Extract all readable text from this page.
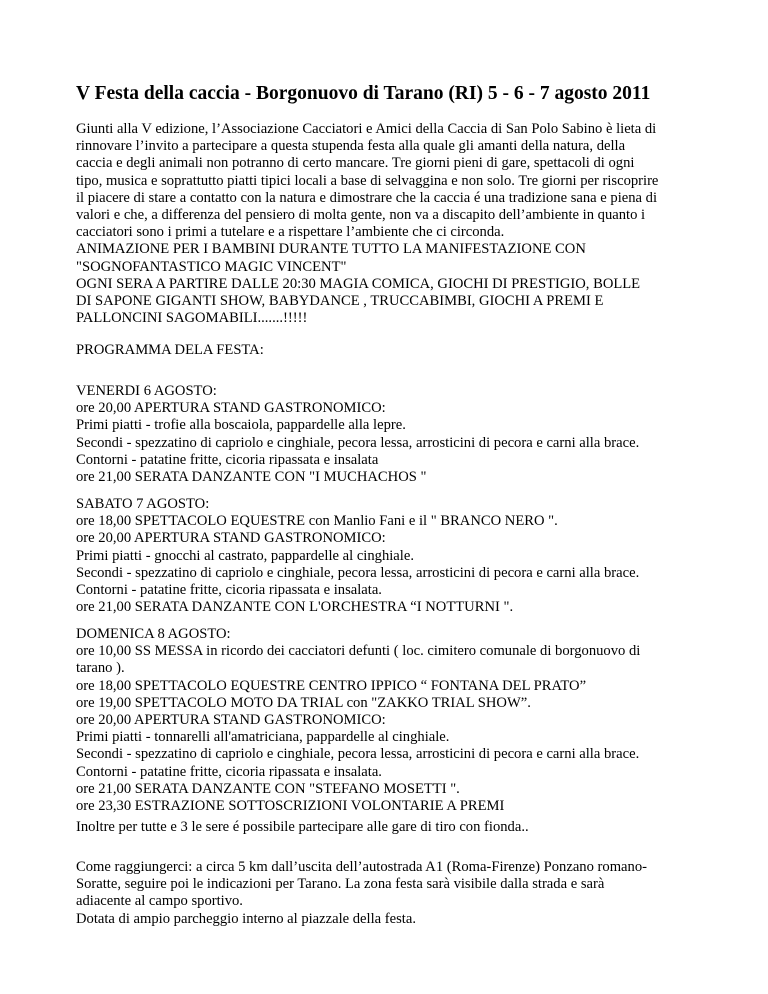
V Festa della caccia - Borgonuovo di Tarano (RI) 5 - 6 - 7 agosto 2011
Giunti alla V edizione, l’Associazione Cacciatori e Amici della Caccia di San Polo Sabino è lieta di
rinnovare l’invito a partecipare a questa stupenda festa alla quale gli amanti della natura, della
caccia e degli animali non potranno di certo mancare. Tre giorni pieni di gare, spettacoli di ogni
tipo, musica e soprattutto piatti tipici locali a base di selvaggina e non solo. Tre giorni per riscoprire
il piacere di stare a contatto con la natura e dimostrare che la caccia é una tradizione sana e piena di
valori e che, a differenza del pensiero di molta gente, non va a discapito dell’ambiente in quanto i
cacciatori sono i primi a tutelare e a rispettare l’ambiente che ci circonda.
ANIMAZIONE PER I BAMBINI DURANTE TUTTO LA MANIFESTAZIONE CON
"SOGNOFANTASTICO MAGIC VINCENT"
OGNI SERA A PARTIRE DALLE 20:30 MAGIA COMICA, GIOCHI DI PRESTIGIO, BOLLE
DI SAPONE GIGANTI SHOW, BABYDANCE , TRUCCABIMBI, GIOCHI A PREMI E
PALLONCINI SAGOMABILI.......!!!!!
PROGRAMMA DELA FESTA:
VENERDI 6 AGOSTO:
ore 20,00 APERTURA STAND GASTRONOMICO:
Primi piatti - trofie alla boscaiola, pappardelle alla lepre.
Secondi - spezzatino di capriolo e cinghiale, pecora lessa, arrosticini di pecora e carni alla brace.
Contorni - patatine fritte, cicoria ripassata e insalata
ore 21,00 SERATA DANZANTE CON "I MUCHACHOS "
SABATO 7 AGOSTO:
ore 18,00 SPETTACOLO EQUESTRE con Manlio Fani e il " BRANCO NERO ".
ore 20,00 APERTURA STAND GASTRONOMICO:
Primi piatti - gnocchi al castrato, pappardelle al cinghiale.
Secondi - spezzatino di capriolo e cinghiale, pecora lessa, arrosticini di pecora e carni alla brace.
Contorni - patatine fritte, cicoria ripassata e insalata.
ore 21,00 SERATA DANZANTE CON L'ORCHESTRA “I NOTTURNI ".
DOMENICA 8 AGOSTO:
ore 10,00 SS MESSA in ricordo dei cacciatori defunti ( loc. cimitero comunale di borgonuovo di
tarano ).
ore 18,00 SPETTACOLO EQUESTRE CENTRO IPPICO “ FONTANA DEL PRATO”
ore 19,00 SPETTACOLO MOTO DA TRIAL con "ZAKKO TRIAL SHOW”.
ore 20,00 APERTURA STAND GASTRONOMICO:
Primi piatti - tonnarelli all'amatriciana, pappardelle al cinghiale.
Secondi - spezzatino di capriolo e cinghiale, pecora lessa, arrosticini di pecora e carni alla brace.
Contorni - patatine fritte, cicoria ripassata e insalata.
ore 21,00 SERATA DANZANTE CON "STEFANO MOSETTI ".
ore 23,30 ESTRAZIONE SOTTOSCRIZIONI VOLONTARIE A PREMI
Inoltre per tutte e 3 le sere é possibile partecipare alle gare di tiro con fionda..
Come raggiungerci: a circa 5 km dall’uscita dell’autostrada A1 (Roma-Firenze) Ponzano romano-
Soratte, seguire poi le indicazioni per Tarano. La zona festa sarà visibile dalla strada e sarà
adiacente al campo sportivo.
Dotata di ampio parcheggio interno al piazzale della festa.
